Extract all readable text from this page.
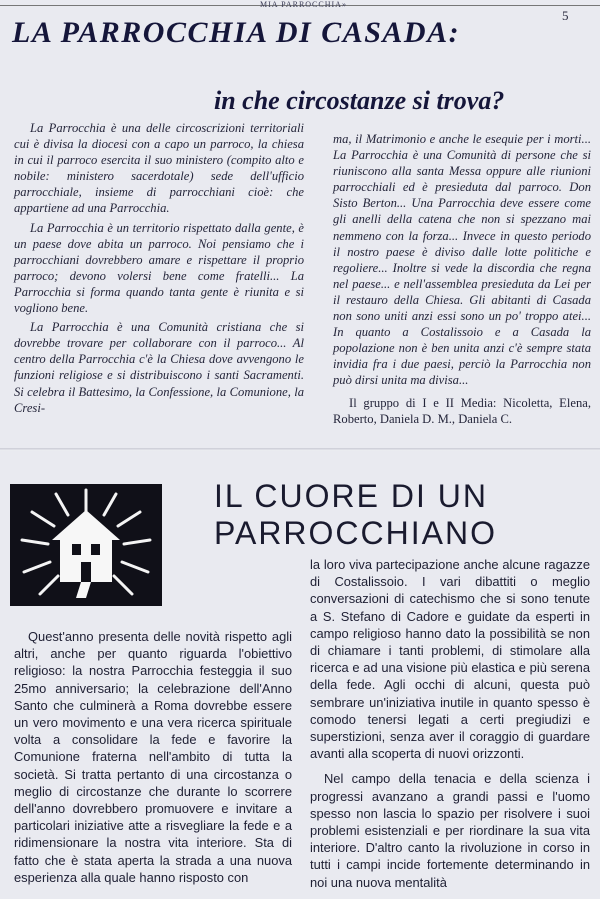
MIA PARROCCHIA»
5
LA PARROCCHIA DI CASADA:
in che circostanze si trova?

La Parrocchia è una delle circoscrizioni territoriali cui è divisa la diocesi con a capo un parroco, la chiesa in cui il parroco esercita il suo ministero (compito alto e nobile: ministero sacerdotale) sede dell'ufficio parrocchiale, insieme di parrocchiani cioè: che appartiene ad una Parrocchia.

La Parrocchia è un territorio rispettato dalla gente, è un paese dove abita un parroco. Noi pensiamo che i parrocchiani dovrebbero amare e rispettare il proprio parroco; devono volersi bene come fratelli... La Parrocchia si forma quando tanta gente è riunita e si vogliono bene.

La Parrocchia è una Comunità cristiana che si dovrebbe trovare per collaborare con il parroco... Al centro della Parrocchia c'è la Chiesa dove avvengono le funzioni religiose e si distribuiscono i santi Sacramenti. Si celebra il Battesimo, la Confessione, la Comunione, la Cresi-

ma, il Matrimonio e anche le esequie per i morti... La Parrocchia è una Comunità di persone che si riuniscono alla santa Messa oppure alle riunioni parrocchiali ed è presieduta dal parroco. Don Sisto Berton... Una Parrocchia deve essere come gli anelli della catena che non si spezzano mai nemmeno con la forza... Invece in questo periodo il nostro paese è diviso dalle lotte politiche e regoliere... Inoltre si vede la discordia che regna nel paese... e nell'assemblea presieduta da Lei per il restauro della Chiesa. Gli abitanti di Casada non sono uniti anzi essi sono un po' troppo atei... In quanto a Costalissoio e a Casada la popolazione non è ben unita anzi c'è sempre stata invidia fra i due paesi, perciò la Parrocchia non può dirsi unita ma divisa...

Il gruppo di I e II Media: Nicoletta, Elena, Roberto, Daniela D. M., Daniela C.

IL CUORE DI UN
PARROCCHIANO

Quest'anno presenta delle novità rispetto agli altri, anche per quanto riguarda l'obiettivo religioso: la nostra Parrocchia festeggia il suo 25mo anniversario; la celebrazione dell'Anno Santo che culminerà a Roma dovrebbe essere un vero movimento e una vera ricerca spirituale volta a consolidare la fede e favorire la Comunione fraterna nell'ambito di tutta la società. Si tratta pertanto di una circostanza o meglio di circostanze che durante lo scorrere dell'anno dovrebbero promuovere e invitare a particolari iniziative atte a risvegliare la fede e a ridimensionare la nostra vita interiore. Sta di fatto che è stata aperta la strada a una nuova esperienza alla quale hanno risposto con

la loro viva partecipazione anche alcune ragazze di Costalissoio. I vari dibattiti o meglio conversazioni di catechismo che si sono tenute a S. Stefano di Cadore e guidate da esperti in campo religioso hanno dato la possibilità se non di chiamare i tanti problemi, di stimolare alla ricerca e ad una visione più elastica e più serena della fede. Agli occhi di alcuni, questa può sembrare un'iniziativa inutile in quanto spesso è comodo tenersi legati a certi pregiudizi e superstizioni, senza aver il coraggio di guardare avanti alla scoperta di nuovi orizzonti.

Nel campo della tenacia e della scienza i progressi avanzano a grandi passi e l'uomo spesso non lascia lo spazio per risolvere i suoi problemi esistenziali e per riordinare la sua vita interiore. D'altro canto la rivoluzione in corso in tutti i campi incide fortemente determinando in noi una nuova mentalità
